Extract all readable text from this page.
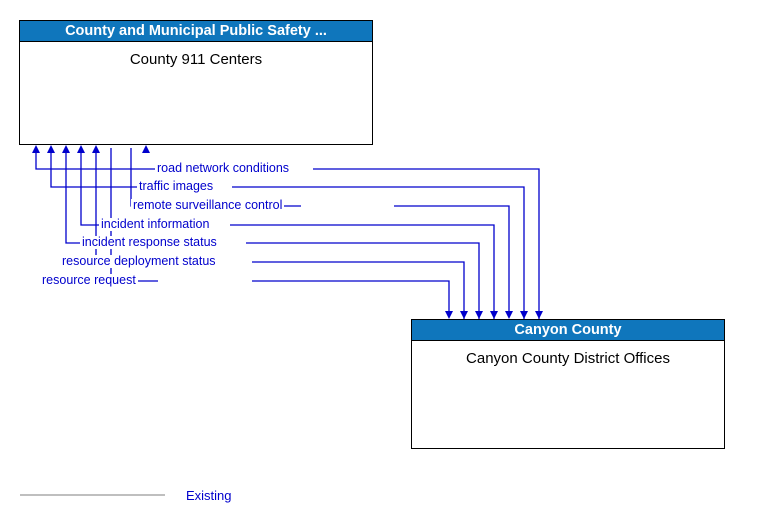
County and Municipal Public Safety ...
County 911 Centers
Canyon County
Canyon County District Offices
road network conditions
traffic images
remote surveillance control
incident information
incident response status
resource deployment status
resource request
Existing
